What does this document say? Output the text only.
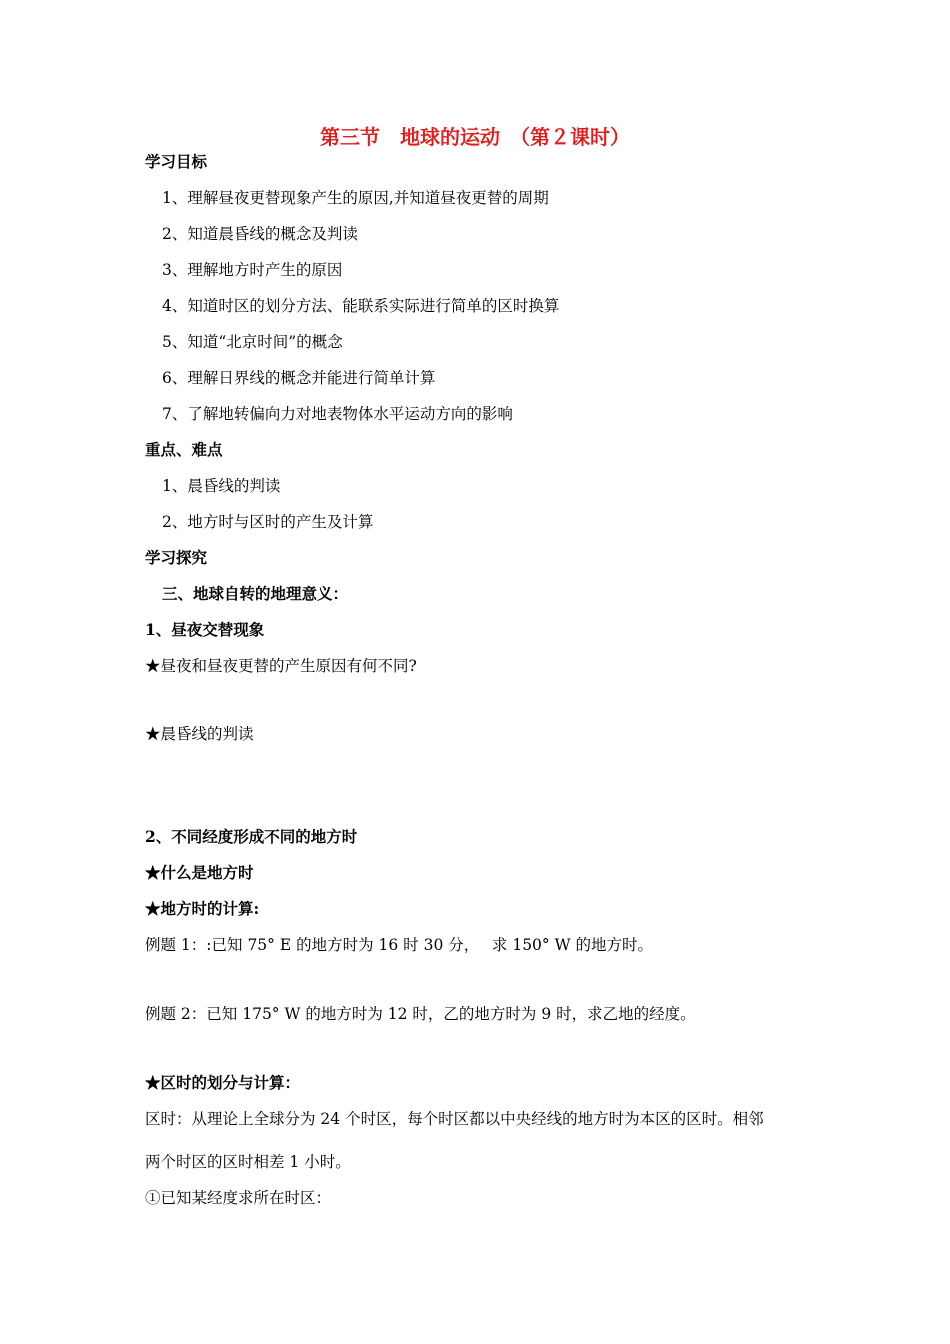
第三节　地球的运动　（第２课时）
学习目标
1、理解昼夜更替现象产生的原因,并知道昼夜更替的周期
2、知道晨昏线的概念及判读
3、理解地方时产生的原因
4、知道时区的划分方法、能联系实际进行简单的区时换算
5、知道“北京时间”的概念
6、理解日界线的概念并能进行简单计算
7、了解地转偏向力对地表物体水平运动方向的影响
重点、难点
1、晨昏线的判读
2、地方时与区时的产生及计算
学习探究
三、地球自转的地理意义：
1、昼夜交替现象
★昼夜和昼夜更替的产生原因有何不同?
★晨昏线的判读
2、不同经度形成不同的地方时
★什么是地方时
★地方时的计算:
例题 1：:已知 75° E 的地方时为 16 时 30 分，　 求 150° W 的地方时。
例题 2：已知 175° W 的地方时为 12 时，乙的地方时为 9 时，求乙地的经度。
★区时的划分与计算：
区时：从理论上全球分为 24 个时区，每个时区都以中央经线的地方时为本区的区时。相邻
两个时区的区时相差 1 小时。
①已知某经度求所在时区：
